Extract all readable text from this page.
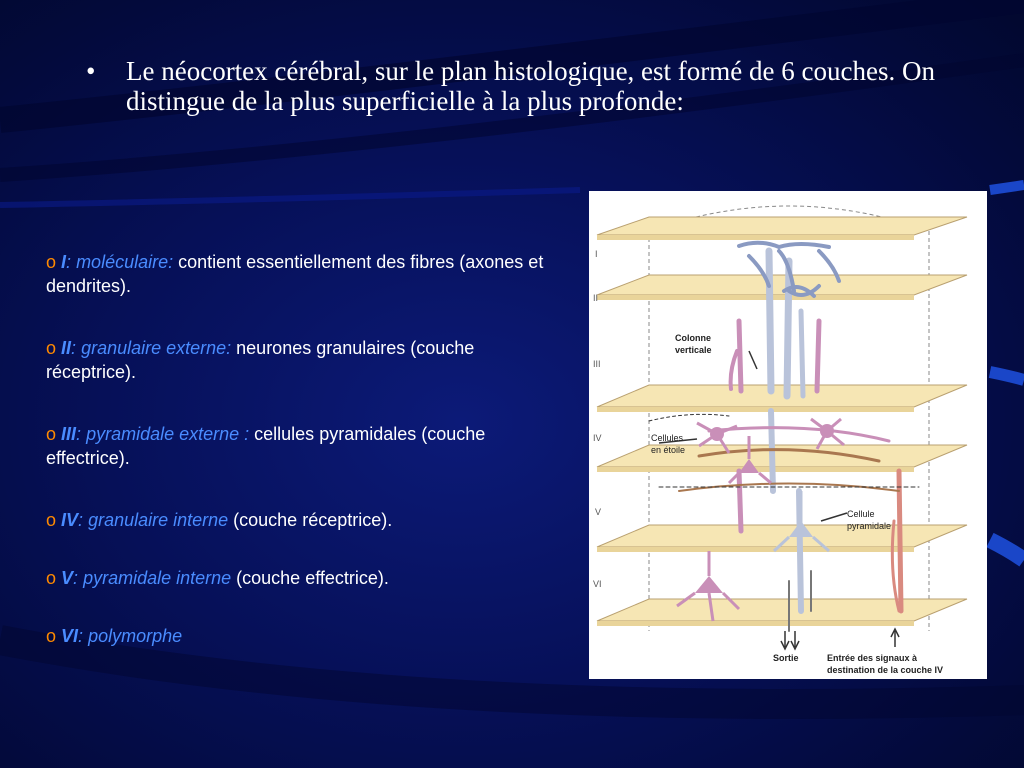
• Le néocortex cérébral, sur le plan histologique, est formé de 6 couches. On distingue de la plus superficielle à la plus profonde:
o I: moléculaire: contient essentiellement des fibres (axones et dendrites).
o II: granulaire externe: neurones granulaires (couche réceptrice).
o III: pyramidale externe : cellules pyramidales (couche effectrice).
o IV: granulaire interne (couche réceptrice).
o V: pyramidale interne (couche effectrice).
o VI: polymorphe
I
II
III
IV
V
VI
Colonne
verticale
Cellules
en étoile
Cellule
pyramidale
Sortie	Entrée des signaux à
destination de la couche IV
